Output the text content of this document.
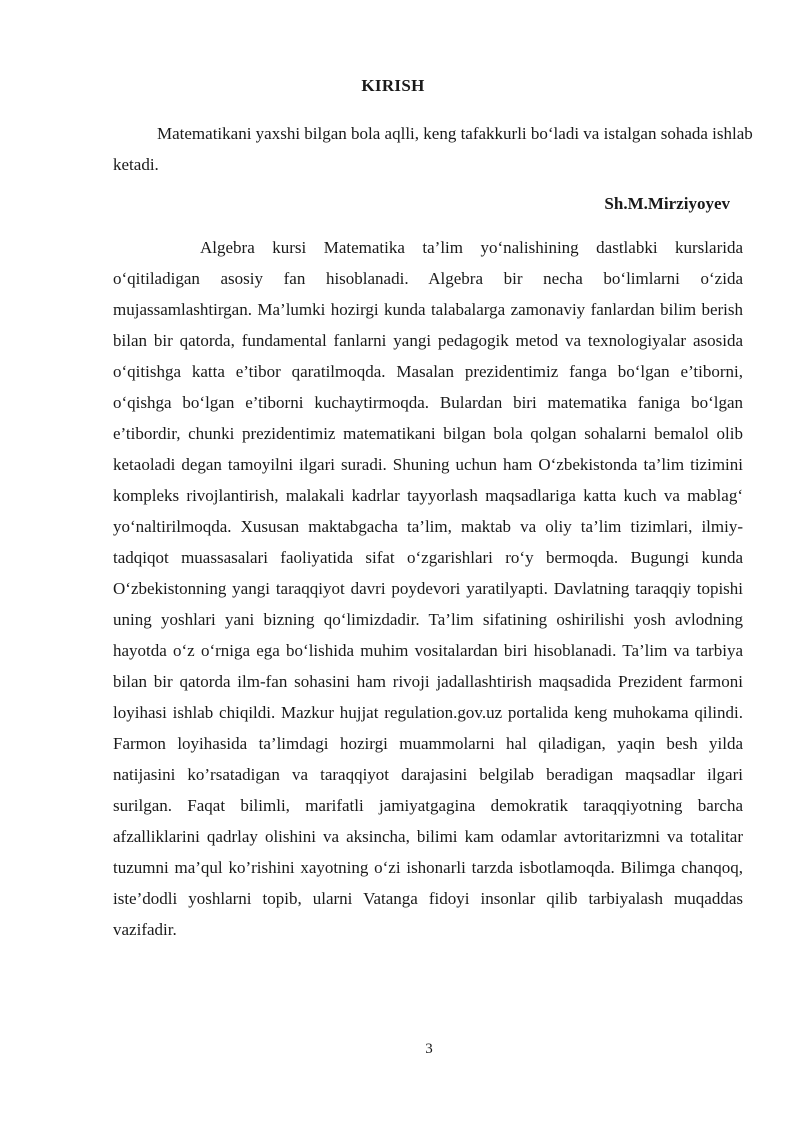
KIRISH
Matematikani yaxshi bilgan bola aqlli, keng tafakkurli bo‘ladi va istalgan sohada ishlab ketadi.
Sh.M.Mirziyoyev

Algebra kursi Matematika ta’lim yo‘nalishining dastlabki kurslarida o‘qitiladigan asosiy fan hisoblanadi. Algebra bir necha bo‘limlarni o‘zida mujassamlashtirgan. Ma’lumki hozirgi kunda talabalarga zamonaviy fanlardan bilim berish bilan bir qatorda, fundamental fanlarni yangi pedagogik metod va texnologiyalar asosida o‘qitishga katta e’tibor qaratilmoqda. Masalan prezidentimiz fanga bo‘lgan e’tiborni, o‘qishga bo‘lgan e’tiborni kuchaytirmoqda. Bulardan biri matematika faniga bo‘lgan e’tibordir, chunki prezidentimiz matematikani bilgan bola qolgan sohalarni bemalol olib ketaoladi degan tamoyilni ilgari suradi. Shuning uchun ham O‘zbekistonda ta’lim tizimini kompleks rivojlantirish, malakali kadrlar tayyorlash maqsadlariga katta kuch va mablag‘ yo‘naltirilmoqda. Xususan maktabgacha ta’lim, maktab va oliy ta’lim tizimlari, ilmiy-tadqiqot muassasalari faoliyatida sifat o‘zgarishlari ro‘y bermoqda. Bugungi kunda O‘zbekistonning yangi taraqqiyot davri poydevori yaratilyapti. Davlatning taraqqiy topishi uning yoshlari yani bizning qo‘limizdadir. Ta’lim sifatining oshirilishi yosh avlodning hayotda o‘z o‘rniga ega bo‘lishida muhim vositalardan biri hisoblanadi. Ta’lim va tarbiya bilan bir qatorda ilm-fan sohasini ham rivoji jadallashtirish maqsadida Prezident farmoni loyihasi ishlab chiqildi. Mazkur hujjat regulation.gov.uz portalida keng muhokama qilindi. Farmon loyihasida ta’limdagi hozirgi muammolarni hal qiladigan, yaqin besh yilda natijasini ko’rsatadigan va taraqqiyot darajasini belgilab beradigan maqsadlar ilgari surilgan. Faqat bilimli, marifatli jamiyatgagina demokratik taraqqiyotning barcha afzalliklarini qadrlay olishini va aksincha, bilimi kam odamlar avtoritarizmni va totalitar tuzumni ma’qul ko’rishini xayotning o‘zi ishonarli tarzda isbotlamoqda. Bilimga chanqoq, iste’dodli yoshlarni topib, ularni Vatanga fidoyi insonlar qilib tarbiyalash muqaddas vazifadir.

3
